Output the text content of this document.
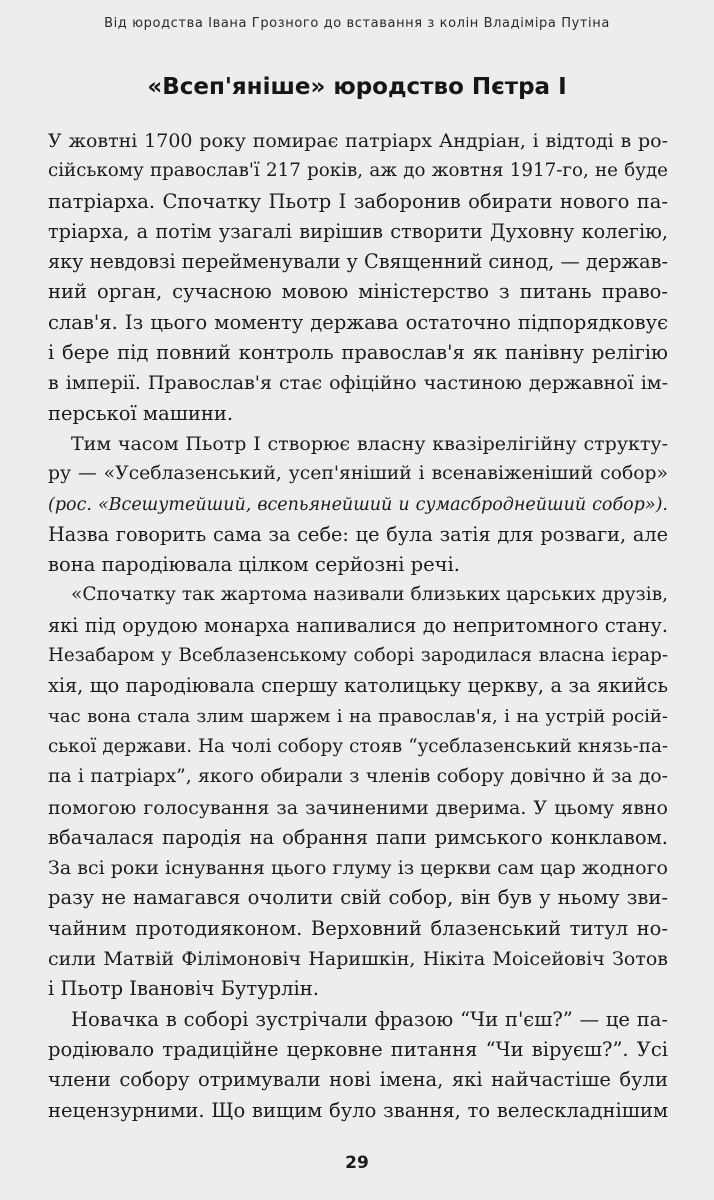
Від юродства Івана Грозного до вставання з колін Владіміра Путіна
«Всеп'яніше» юродство Пєтра I

У жовтні 1700 року помирає патріарх Андріан, і відтоді в ро-
сійському православ'ї 217 років, аж до жовтня 1917-го, не буде
патріарха. Спочатку Пьотр I заборонив обирати нового па-
тріарха, а потім узагалі вирішив створити Духовну колегію,
яку невдовзі перейменували у Священний синод, — держав-
ний орган, сучасною мовою міністерство з питань право-
слав'я. Із цього моменту держава остаточно підпорядковує
і бере під повний контроль православ'я як панівну релігію
в імперії. Православ'я стає офіційно частиною державної ім-
перської машини.

Тим часом Пьотр I створює власну квазірелігійну структу-
ру — «Усеблазенський, усеп'яніший і всенавіженіший собор»
(рос. «Всешутейший, всепьянейший и сумасброднейший собор»).
Назва говорить сама за себе: це була затія для розваги, але
вона пародіювала цілком серйозні речі.

«Спочатку так жартома називали близьких царських друзів,
які під орудою монарха напивалися до непритомного стану.
Незабаром у Всеблазенському соборі зародилася власна ієрар-
хія, що пародіювала спершу католицьку церкву, а за якийсь
час вона стала злим шаржем і на православ'я, і на устрій росій-
ської держави. На чолі собору стояв “усеблазенський князь-па-
па і патріарх”, якого обирали з членів собору довічно й за до-
помогою голосування за зачиненими дверима. У цьому явно
вбачалася пародія на обрання папи римського конклавом.
За всі роки існування цього глуму із церкви сам цар жодного
разу не намагався очолити свій собор, він був у ньому зви-
чайним протодияконом. Верховний блазенський титул но-
сили Матвій Філімоновіч Наришкін, Нікіта Моісейовіч Зотов
і Пьотр Івановіч Бутурлін.

Новачка в соборі зустрічали фразою “Чи п'єш?” — це па-
родіювало традиційне церковне питання “Чи віруєш?”. Усі
члени собору отримували нові імена, які найчастіше були
нецензурними. Що вищим було звання, то велескладнішим

29
